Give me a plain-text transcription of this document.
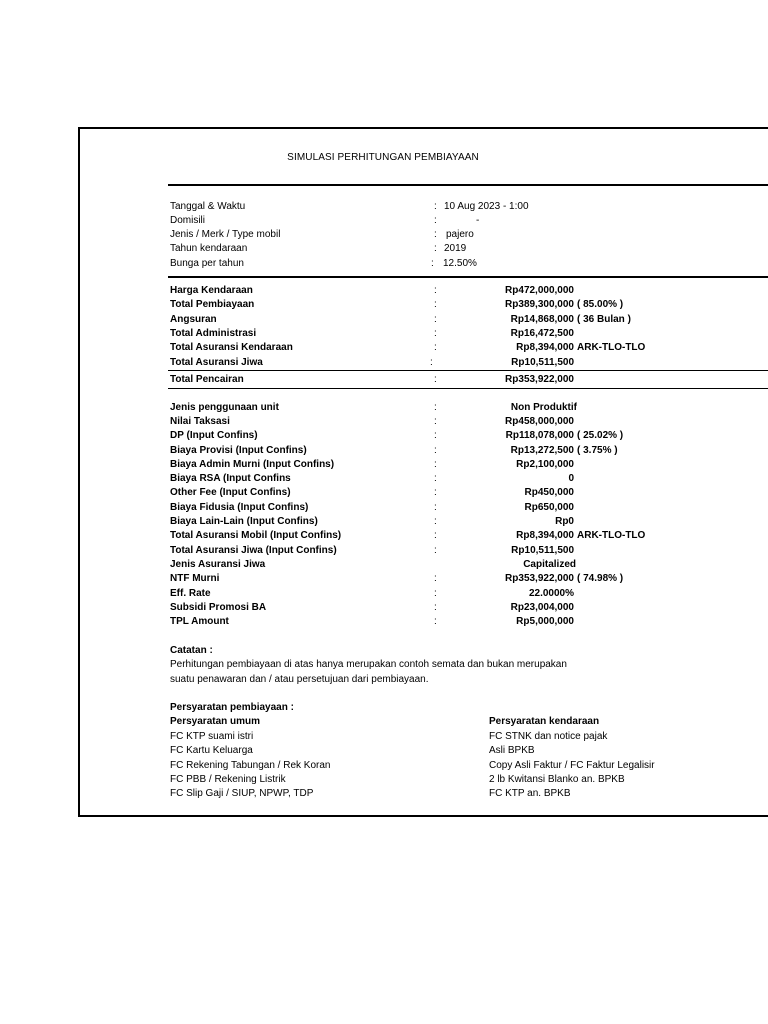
SIMULASI PERHITUNGAN PEMBIAYAAN
Tanggal & Waktu	: 10 Aug 2023 - 1:00
Domisili	:	-
Jenis / Merk / Type mobil	: pajero
Tahun kendaraan	: 2019
Bunga per tahun	: 12.50%
Harga Kendaraan	:	Rp472,000,000
Total Pembiayaan	:	Rp389,300,000 ( 85.00% )
Angsuran	:	Rp14,868,000 ( 36 Bulan )
Total Administrasi	:	Rp16,472,500
Total Asuransi Kendaraan	:	Rp8,394,000 ARK-TLO-TLO
Total Asuransi Jiwa	:	Rp10,511,500
Total Pencairan	:	Rp353,922,000
Jenis penggunaan unit	:	Non Produktif
Nilai Taksasi	:	Rp458,000,000
DP (Input Confins)	:	Rp118,078,000 ( 25.02% )
Biaya Provisi (Input Confins)	:	Rp13,272,500 ( 3.75% )
Biaya Admin Murni (Input Confins)	:	Rp2,100,000
Biaya RSA (Input Confins	:	0
Other Fee (Input Confins)	:	Rp450,000
Biaya Fidusia (Input Confins)	:	Rp650,000
Biaya Lain-Lain (Input Confins)	:	Rp0
Total Asuransi Mobil (Input Confins)	:	Rp8,394,000 ARK-TLO-TLO
Total Asuransi Jiwa (Input Confins)	:	Rp10,511,500
Jenis Asuransi Jiwa	Capitalized
NTF Murni	:	Rp353,922,000 ( 74.98% )
Eff. Rate	:	22.0000%
Subsidi Promosi BA	:	Rp23,004,000
TPL Amount	:	Rp5,000,000
Catatan :
Perhitungan pembiayaan di atas hanya merupakan contoh semata dan bukan merupakan
suatu penawaran dan / atau persetujuan dari pembiayaan.
Persyaratan pembiayaan :
Persyaratan umum	Persyaratan kendaraan
FC KTP suami istri	FC STNK dan notice pajak
FC Kartu Keluarga	Asli BPKB
FC Rekening Tabungan / Rek Koran	Copy Asli Faktur / FC Faktur Legalisir
FC PBB / Rekening Listrik	2 lb Kwitansi Blanko an. BPKB
FC Slip Gaji / SIUP, NPWP, TDP	FC KTP an. BPKB
